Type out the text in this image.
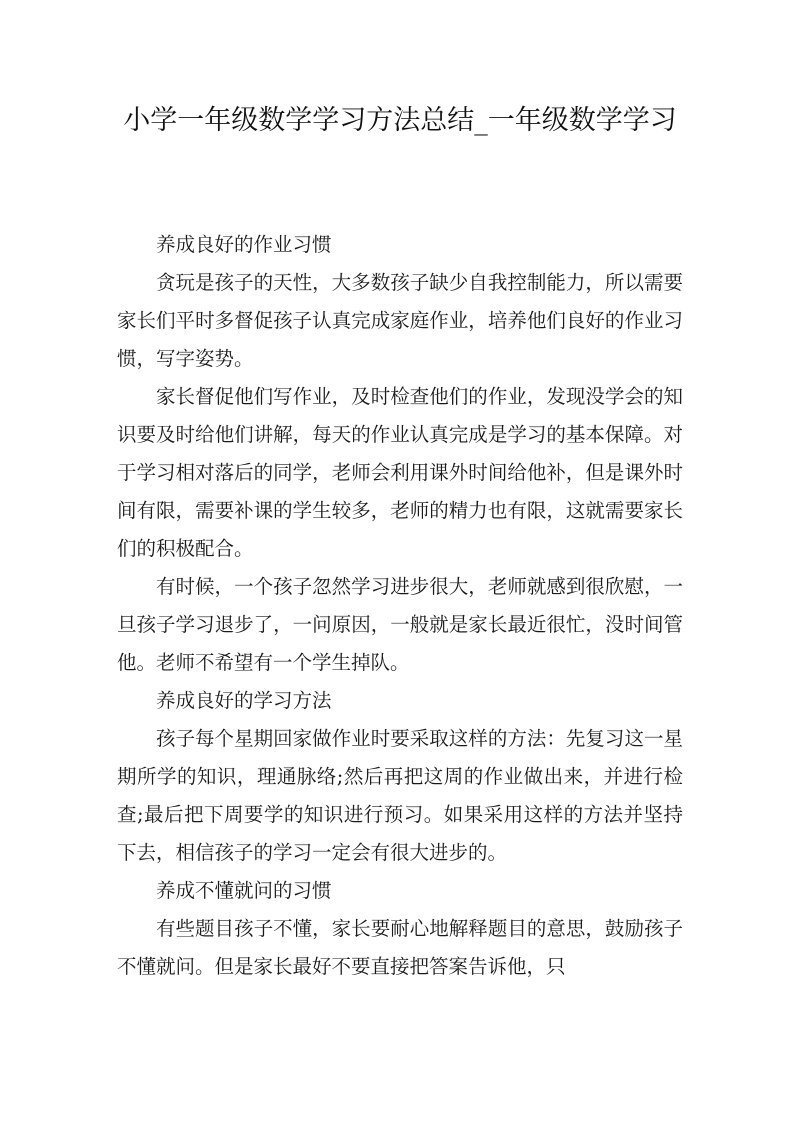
小学一年级数学学习方法总结_一年级数学学习

养成良好的作业习惯

贪玩是孩子的天性，大多数孩子缺少自我控制能力，所以需要家长们平时多督促孩子认真完成家庭作业，培养他们良好的作业习惯，写字姿势。

家长督促他们写作业，及时检查他们的作业，发现没学会的知识要及时给他们讲解，每天的作业认真完成是学习的基本保障。对于学习相对落后的同学，老师会利用课外时间给他补，但是课外时间有限，需要补课的学生较多，老师的精力也有限，这就需要家长们的积极配合。

有时候，一个孩子忽然学习进步很大，老师就感到很欣慰，一旦孩子学习退步了，一问原因，一般就是家长最近很忙，没时间管他。老师不希望有一个学生掉队。

养成良好的学习方法

孩子每个星期回家做作业时要采取这样的方法：先复习这一星期所学的知识，理通脉络;然后再把这周的作业做出来，并进行检查;最后把下周要学的知识进行预习。如果采用这样的方法并坚持下去，相信孩子的学习一定会有很大进步的。

养成不懂就问的习惯

有些题目孩子不懂，家长要耐心地解释题目的意思，鼓励孩子不懂就问。但是家长最好不要直接把答案告诉他，只
